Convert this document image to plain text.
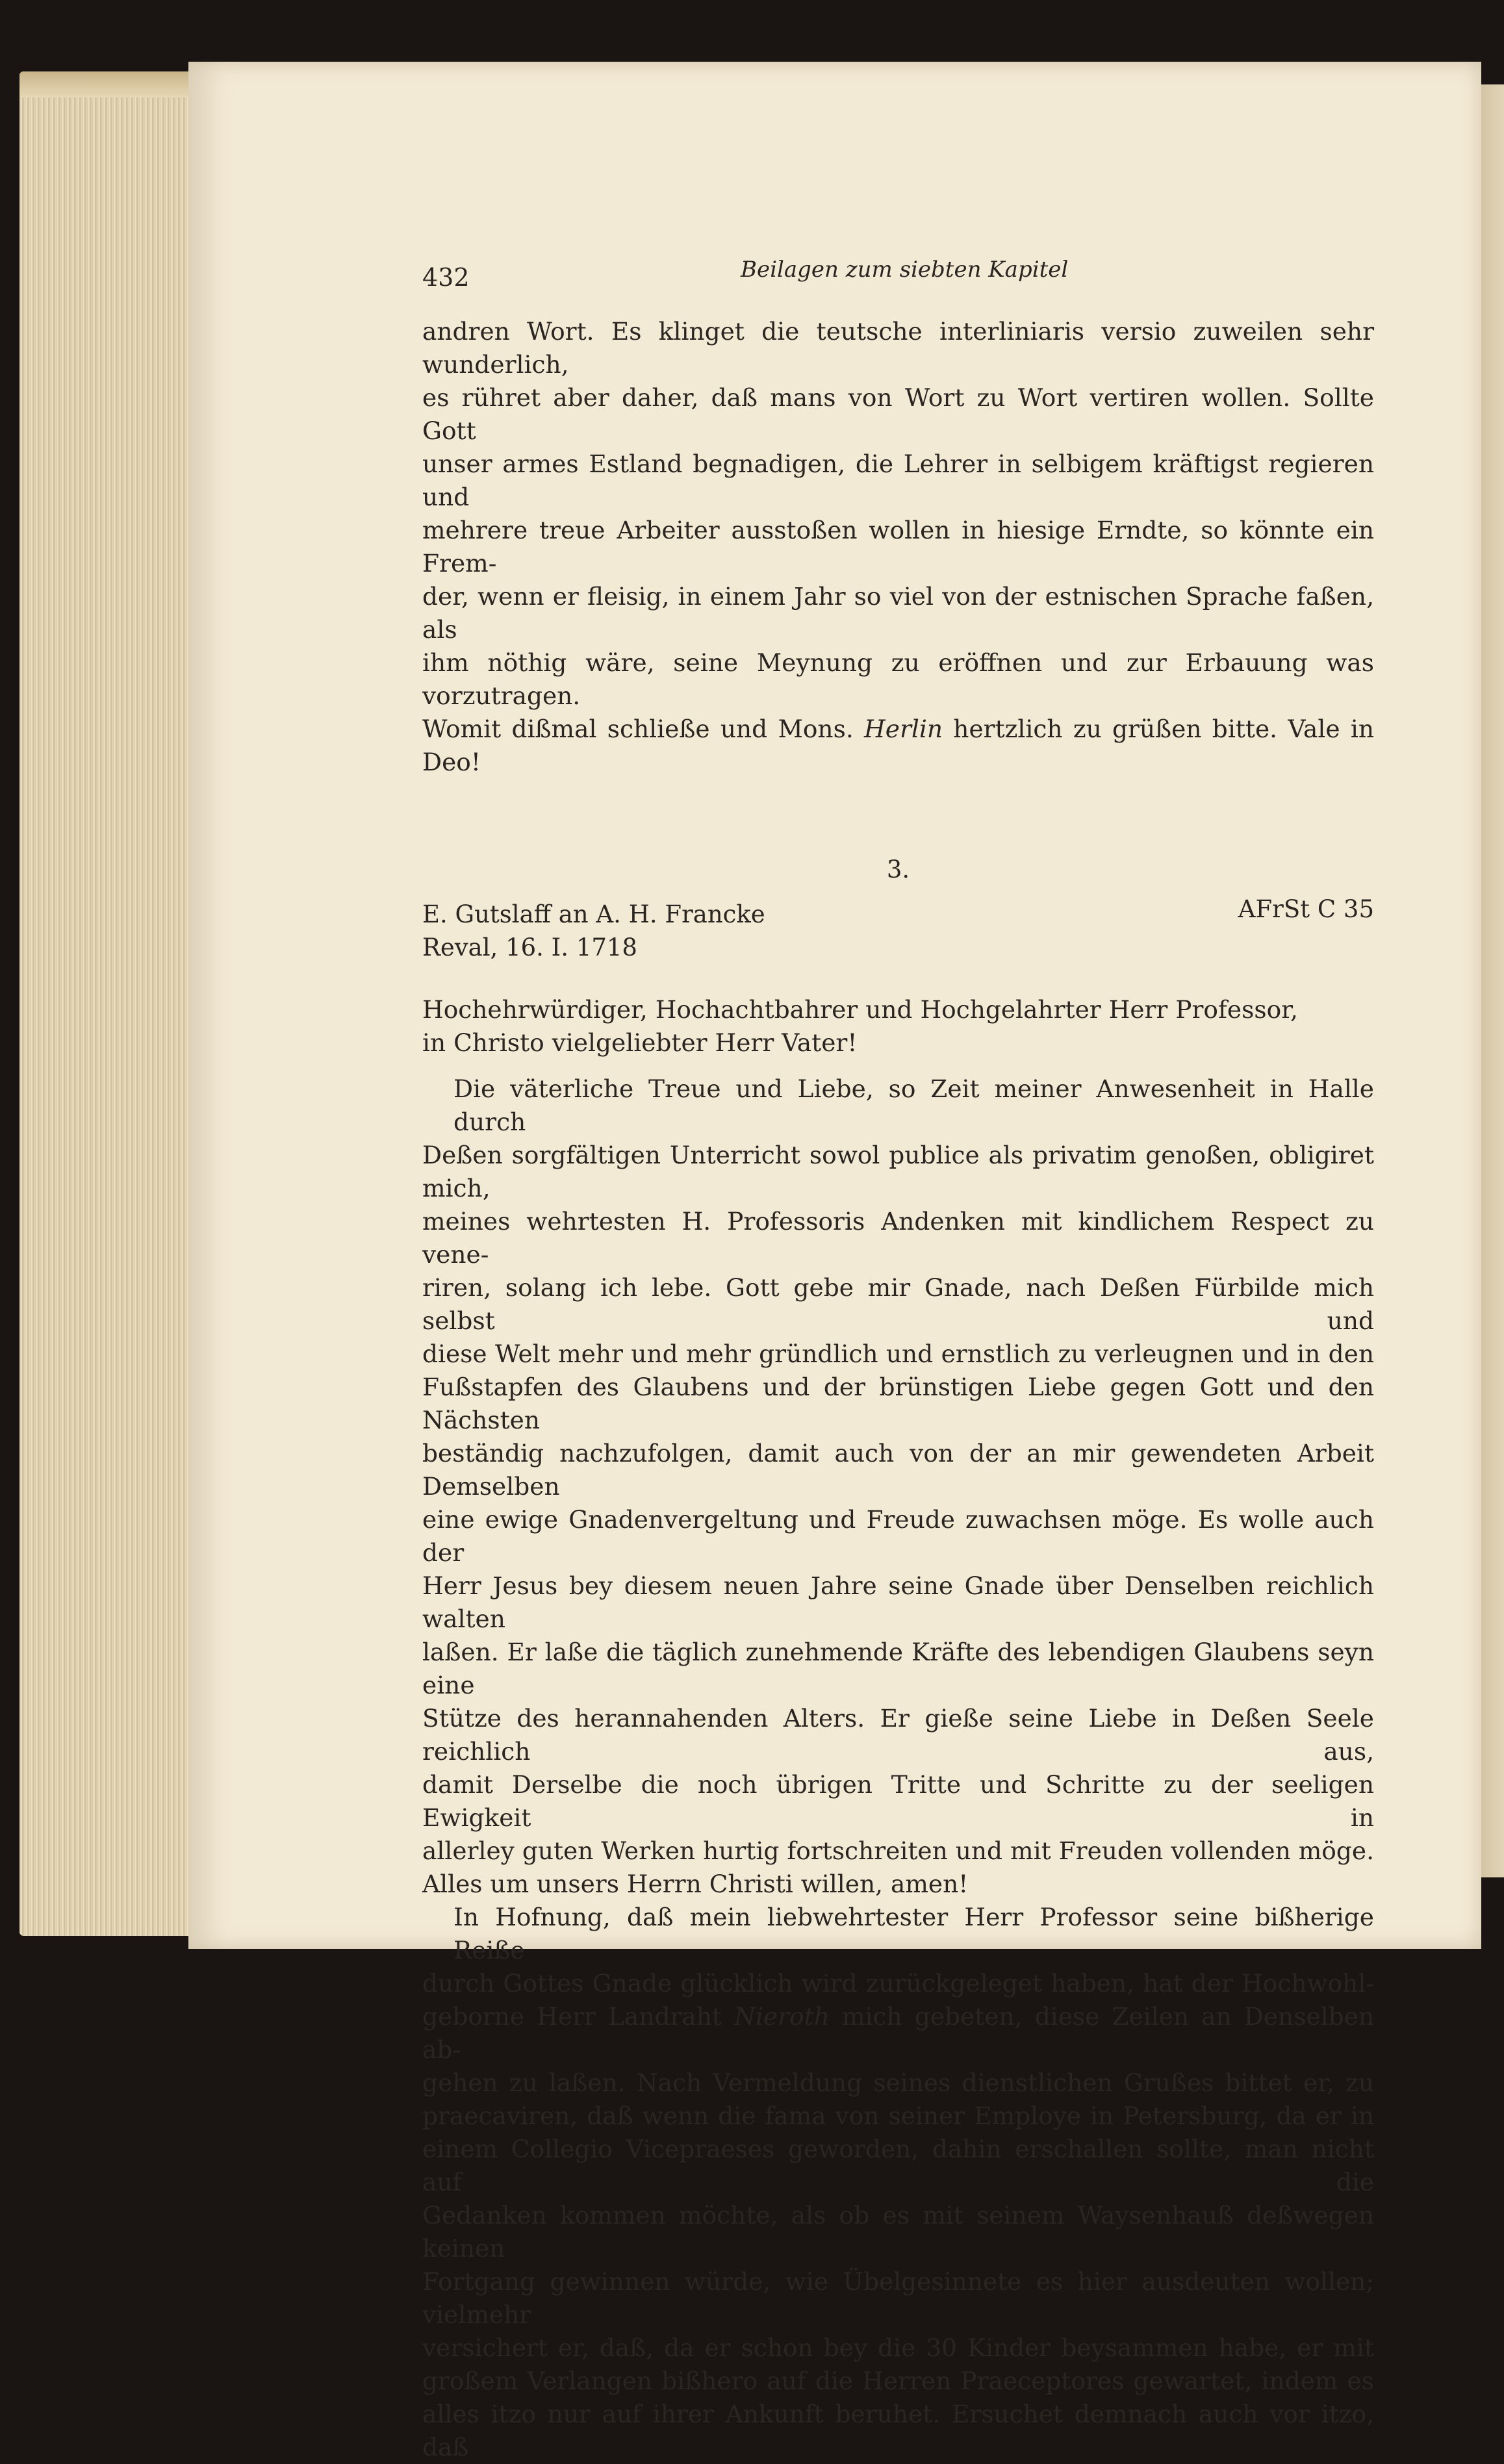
432	Beilagen zum siebten Kapitel
andren Wort. Es klinget die teutsche interliniaris versio zuweilen sehr wunderlich,
es rühret aber daher, daß mans von Wort zu Wort vertiren wollen. Sollte Gott
unser armes Estland begnadigen, die Lehrer in selbigem kräftigst regieren und
mehrere treue Arbeiter ausstoßen wollen in hiesige Erndte, so könnte ein Frem-
der, wenn er fleisig, in einem Jahr so viel von der estnischen Sprache faßen, als
ihm nöthig wäre, seine Meynung zu eröffnen und zur Erbauung was vorzutragen.
Womit dißmal schließe und Mons. Herlin hertzlich zu grüßen bitte. Vale in Deo!
3.
E. Gutslaff an A. H. Francke
Reval, 16. I. 1718
AFrSt C 35
Hochehrwürdiger, Hochachtbahrer und Hochgelahrter Herr Professor,
in Christo vielgeliebter Herr Vater!
Die väterliche Treue und Liebe, so Zeit meiner Anwesenheit in Halle durch
Deßen sorgfältigen Unterricht sowol publice als privatim genoßen, obligiret mich,
meines wehrtesten H. Professoris Andenken mit kindlichem Respect zu vene-
riren, solang ich lebe. Gott gebe mir Gnade, nach Deßen Fürbilde mich selbst und
diese Welt mehr und mehr gründlich und ernstlich zu verleugnen und in den
Fußstapfen des Glaubens und der brünstigen Liebe gegen Gott und den Nächsten
beständig nachzufolgen, damit auch von der an mir gewendeten Arbeit Demselben
eine ewige Gnadenvergeltung und Freude zuwachsen möge. Es wolle auch der
Herr Jesus bey diesem neuen Jahre seine Gnade über Denselben reichlich walten
laßen. Er laße die täglich zunehmende Kräfte des lebendigen Glaubens seyn eine
Stütze des herannahenden Alters. Er gieße seine Liebe in Deßen Seele reichlich aus,
damit Derselbe die noch übrigen Tritte und Schritte zu der seeligen Ewigkeit in
allerley guten Werken hurtig fortschreiten und mit Freuden vollenden möge.
Alles um unsers Herrn Christi willen, amen!
In Hofnung, daß mein liebwehrtester Herr Professor seine bißherige Reiße
durch Gottes Gnade glücklich wird zurückgeleget haben, hat der Hochwohl-
geborne Herr Landraht Nieroth mich gebeten, diese Zeilen an Denselben ab-
gehen zu laßen. Nach Vermeldung seines dienstlichen Grußes bittet er, zu
praecaviren, daß wenn die fama von seiner Employe in Petersburg, da er in
einem Collegio Vicepraeses geworden, dahin erschallen sollte, man nicht auf die
Gedanken kommen möchte, als ob es mit seinem Waysenhauß deßwegen keinen
Fortgang gewinnen würde, wie Übelgesinnete es hier ausdeuten wollen; vielmehr
versichert er, daß, da er schon bey die 30 Kinder beysammen habe, er mit
großem Verlangen bißhero auf die Herren Praeceptores gewartet, indem es
alles itzo nur auf ihrer Ankunft beruhet. Ersuchet demnach auch vor itzo, daß
